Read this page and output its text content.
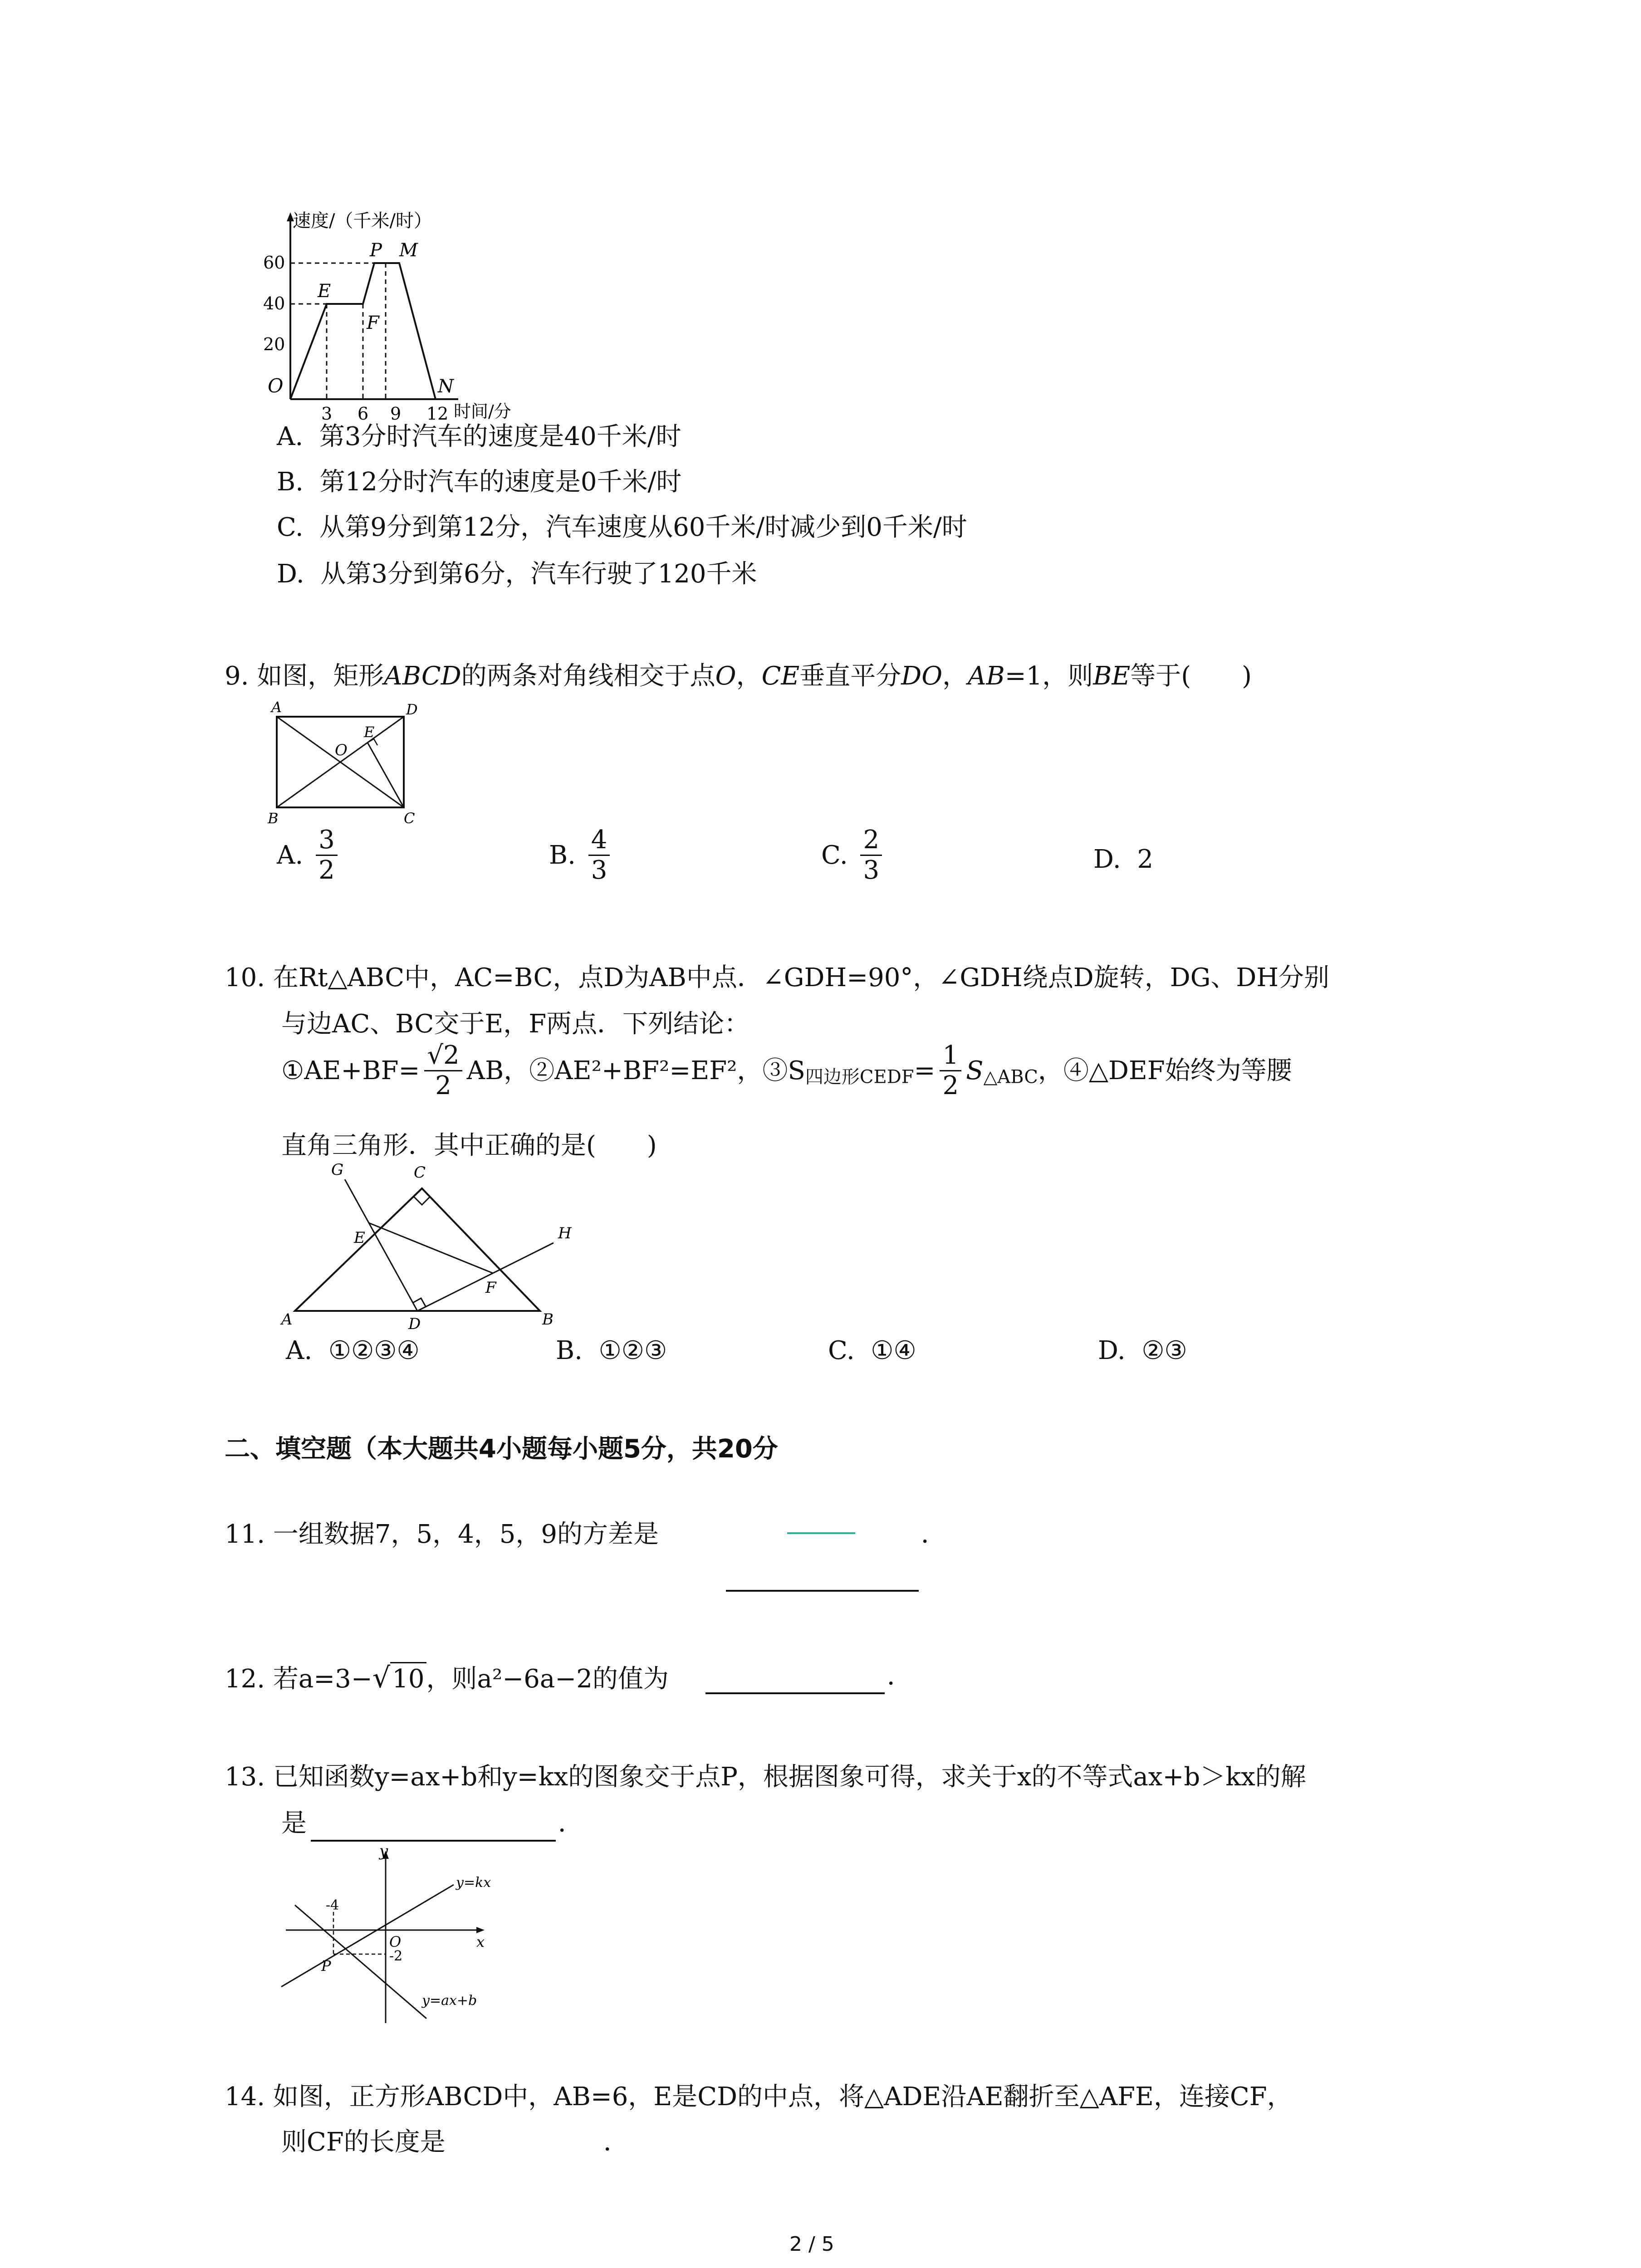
速度/（千米/时）
60
40
20
O
3 6 9 12 时间/分
E
P M
F
N
A. 第3分时汽车的速度是40千米/时
B. 第12分时汽车的速度是0千米/时
C. 从第9分到第12分，汽车速度从60千米/时减少到0千米/时
D. 从第3分到第6分，汽车行驶了120千米
9. 如图，矩形ABCD的两条对角线相交于点O，CE垂直平分DO，AB=1，则BE等于(　　)
A	D
O
E
B	C
A. $\frac{3}{2}$	B. $\frac{4}{3}$	C. $\frac{2}{3}$	D. 2
10. 在Rt△ABC中，AC=BC，点D为AB中点．∠GDH=90°，∠GDH绕点D旋转，DG、DH分别
与边AC、BC交于E，F两点．下列结论：
①AE+BF= $\frac{√2}{2}$ AB，②AE²+BF²=EF²，$③S_{四边形CEDF}= \frac{1}{2} S_{\triangle ABC}$，④△DEF始终为等腰
直角三角形．其中正确的是(　　)
G	C
H
E
F
A	D	B
A. ①②③④	B. ①②③	C. ①④	D. ②③
二、填空题（本大题共4小题每小题5分，共20分
11. 一组数据7，5，4，5，9的方差是	．
12. 若a=3−√10，则a²−6a−2的值为	．
13. 已知函数y=ax+b和y=kx的图象交于点P，根据图象可得，求关于x的不等式ax+b＞kx的解
是	．
y
y=kx
-4
O	x
-2
P
y=ax+b
14. 如图，正方形ABCD中，AB=6，E是CD的中点，将△ADE沿AE翻折至△AFE，连接CF，
则CF的长度是	．
2 / 5
